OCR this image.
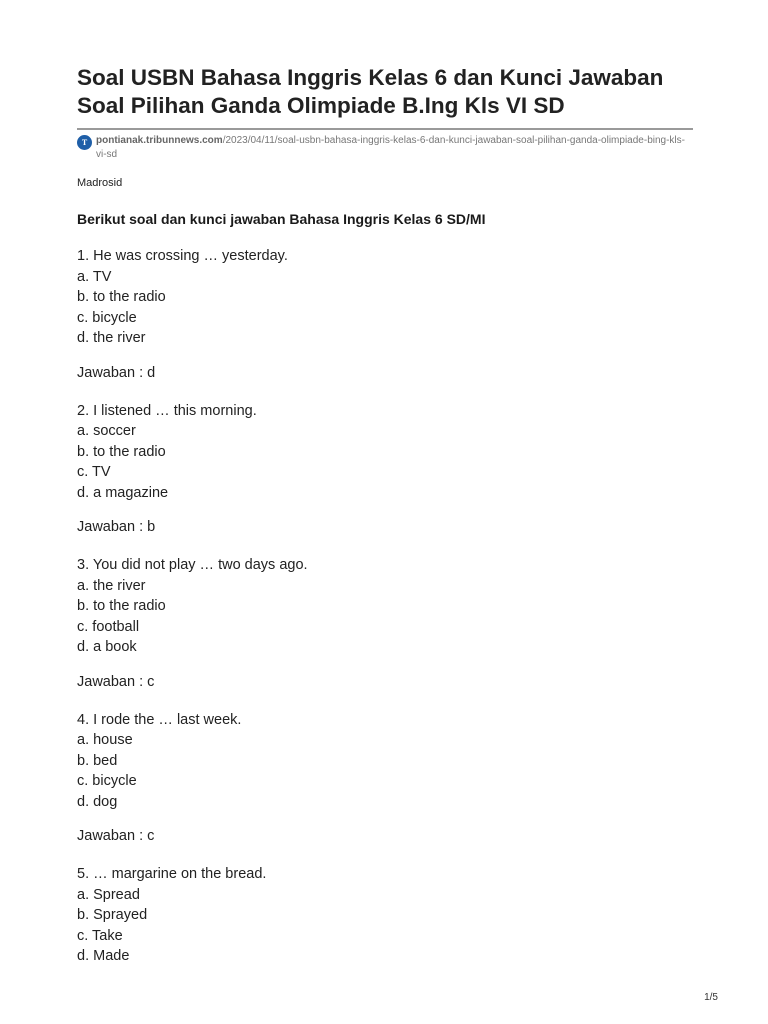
Soal USBN Bahasa Inggris Kelas 6 dan Kunci Jawaban Soal Pilihan Ganda Olimpiade B.Ing Kls VI SD
T pontianak.tribunnews.com/2023/04/11/soal-usbn-bahasa-inggris-kelas-6-dan-kunci-jawaban-soal-pilihan-ganda-olimpiade-bing-kls-vi-sd
Madrosid
Berikut soal dan kunci jawaban Bahasa Inggris Kelas 6 SD/MI
1. He was crossing … yesterday.
a. TV
b. to the radio
c. bicycle
d. the river
Jawaban : d
2. I listened … this morning.
a. soccer
b. to the radio
c. TV
d. a magazine
Jawaban : b
3. You did not play … two days ago.
a. the river
b. to the radio
c. football
d. a book
Jawaban : c
4. I rode the … last week.
a. house
b. bed
c. bicycle
d. dog
Jawaban : c
5. … margarine on the bread.
a. Spread
b. Sprayed
c. Take
d. Made
1/5
